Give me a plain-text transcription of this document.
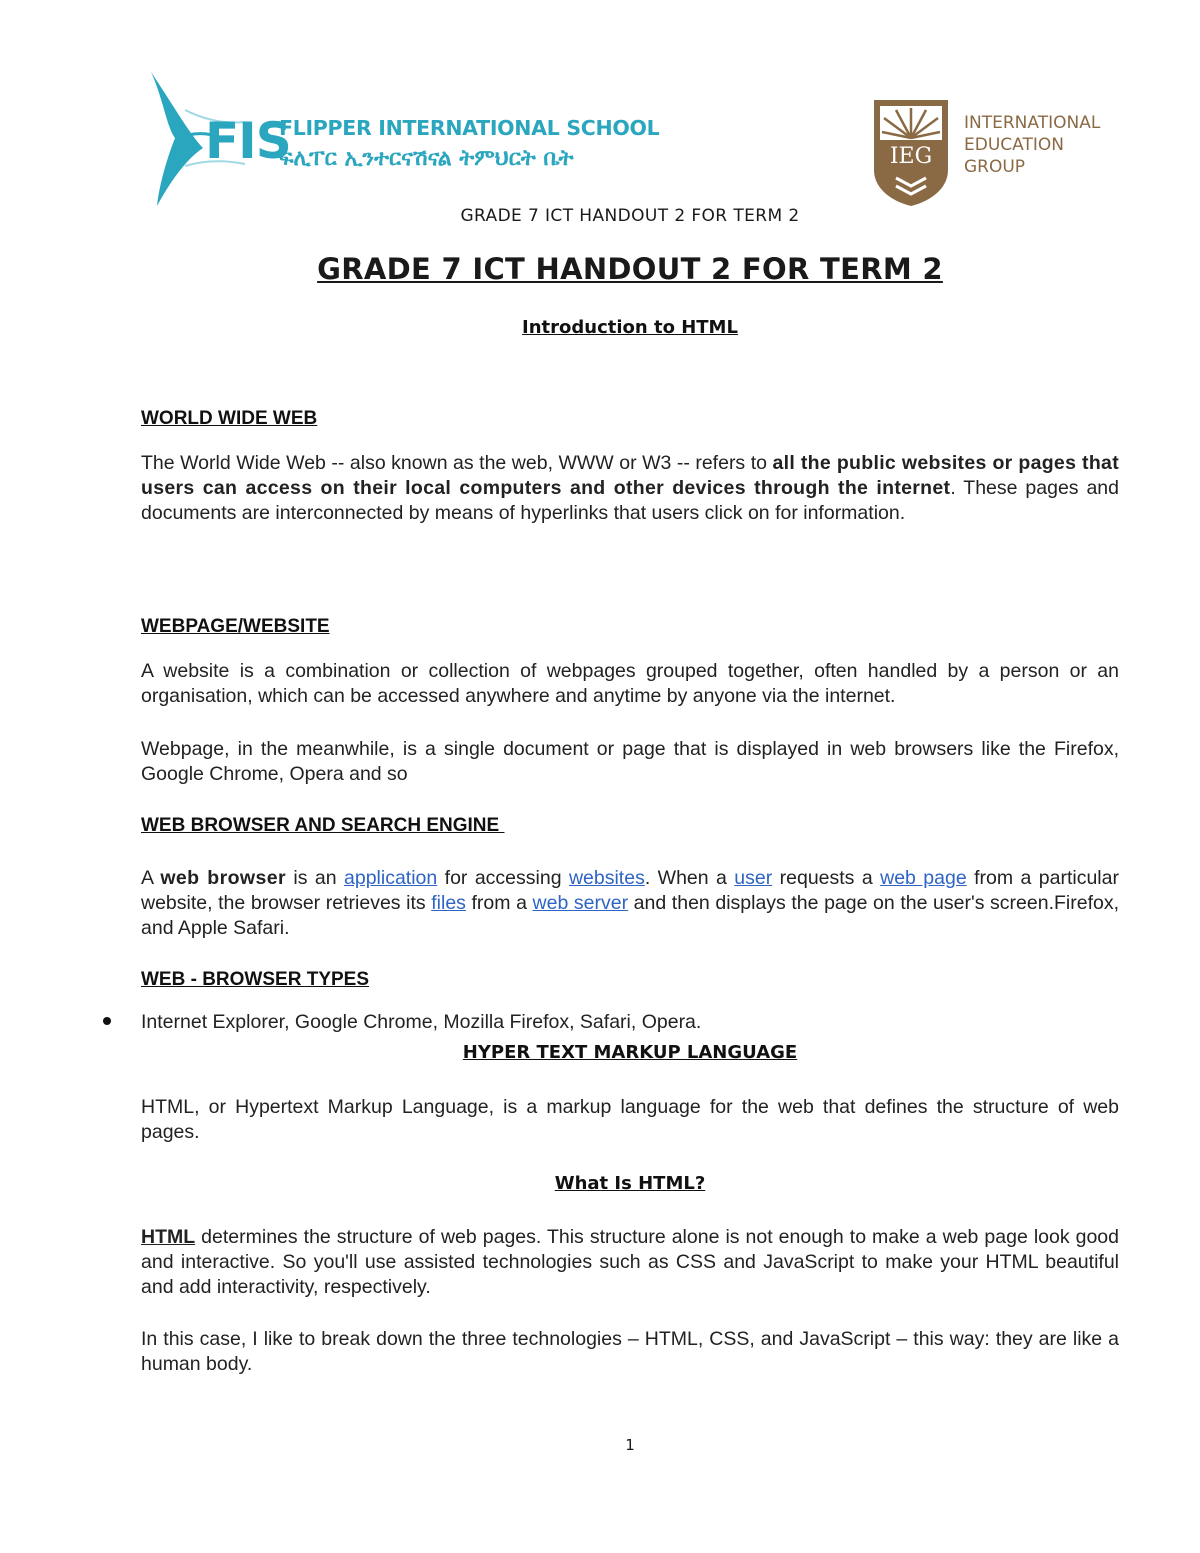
FIS
FLIPPER INTERNATIONAL SCHOOL
ፍሊፐር ኢንተርናሽናል ትምህርት ቤት	IEG
INTERNATIONAL
EDUCATION
GROUP
GRADE 7 ICT HANDOUT 2 FOR TERM 2
GRADE 7 ICT HANDOUT 2 FOR TERM 2
Introduction to HTML
WORLD WIDE WEB

The World Wide Web -- also known as the web, WWW or W3 -- refers to all the public websites or pages that users can access on their local computers and other devices through the internet. These pages and documents are interconnected by means of hyperlinks that users click on for information.

WEBPAGE/WEBSITE

A website is a combination or collection of webpages grouped together, often handled by a person or an organisation, which can be accessed anywhere and anytime by anyone via the internet.

Webpage, in the meanwhile, is a single document or page that is displayed in web browsers like the Firefox, Google Chrome, Opera and so

WEB BROWSER AND SEARCH ENGINE

A web browser is an application for accessing websites. When a user requests a web page from a particular website, the browser retrieves its files from a web server and then displays the page on the user's screen.Firefox, and Apple Safari.

WEB - BROWSER TYPES

Internet Explorer, Google Chrome, Mozilla Firefox, Safari, Opera.

HYPER TEXT MARKUP LANGUAGE

HTML, or Hypertext Markup Language, is a markup language for the web that defines the structure of web pages.

What Is HTML?

HTML determines the structure of web pages. This structure alone is not enough to make a web page look good and interactive. So you'll use assisted technologies such as CSS and JavaScript to make your HTML beautiful and add interactivity, respectively.

In this case, I like to break down the three technologies – HTML, CSS, and JavaScript – this way: they are like a human body.

1
